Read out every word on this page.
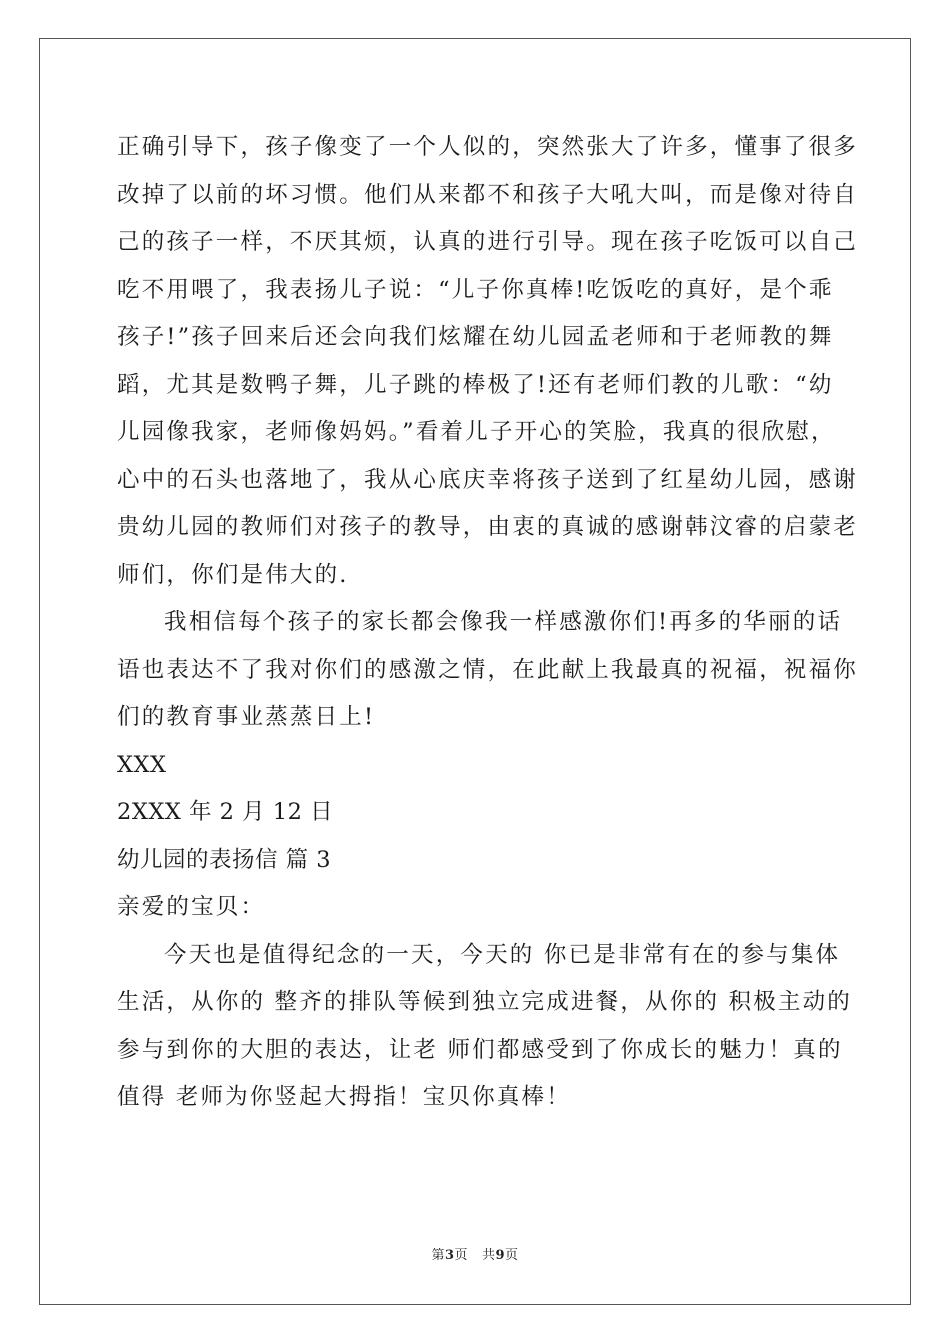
正确引导下，孩子像变了一个人似的，突然张大了许多，懂事了很多
改掉了以前的坏习惯。他们从来都不和孩子大吼大叫，而是像对待自
己的孩子一样，不厌其烦，认真的进行引导。现在孩子吃饭可以自己
吃不用喂了，我表扬儿子说：“儿子你真棒!吃饭吃的真好，是个乖
孩子!”孩子回来后还会向我们炫耀在幼儿园孟老师和于老师教的舞
蹈，尤其是数鸭子舞，儿子跳的棒极了!还有老师们教的儿歌：“幼
儿园像我家，老师像妈妈。”看着儿子开心的笑脸，我真的很欣慰，
心中的石头也落地了，我从心底庆幸将孩子送到了红星幼儿园，感谢
贵幼儿园的教师们对孩子的教导，由衷的真诚的感谢韩汶睿的启蒙老
师们，你们是伟大的.
我相信每个孩子的家长都会像我一样感激你们!再多的华丽的话
语也表达不了我对你们的感激之情，在此献上我最真的祝福，祝福你
们的教育事业蒸蒸日上!
XXX
2XXX 年 2 月 12 日
幼儿园的表扬信 篇 3
亲爱的宝贝：
今天也是值得纪念的一天，今天的 你已是非常有在的参与集体
生活，从你的 整齐的排队等候到独立完成进餐，从你的 积极主动的
参与到你的大胆的表达，让老 师们都感受到了你成长的魅力！真的
值得 老师为你竖起大拇指！宝贝你真棒！
第3页 共9页
